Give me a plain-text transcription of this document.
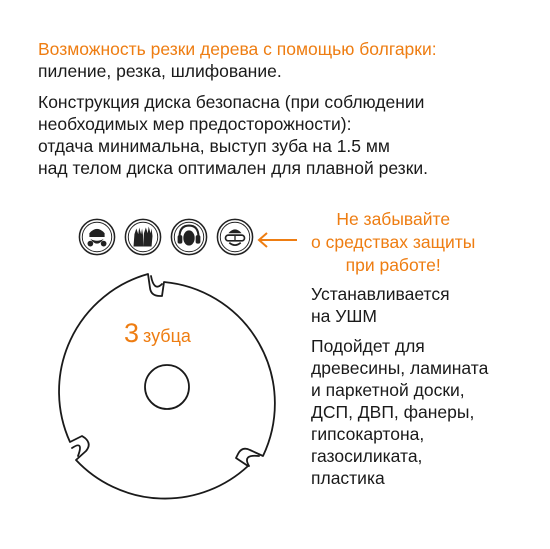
Возможность резки дерева с помощью болгарки:
пиление, резка, шлифование.
Конструкция диска безопасна (при соблюдении
необходимых мер предосторожности):
отдача минимальна, выступ зуба на 1.5 мм
над телом диска оптимален для плавной резки.
Не забывайте
о средствах защиты
при работе!
Устанавливается
на УШМ
Подойдет для
древесины, ламината
и паркетной доски,
ДСП, ДВП, фанеры,
гипсокартона,
газосиликата,
пластика
3 зубца
